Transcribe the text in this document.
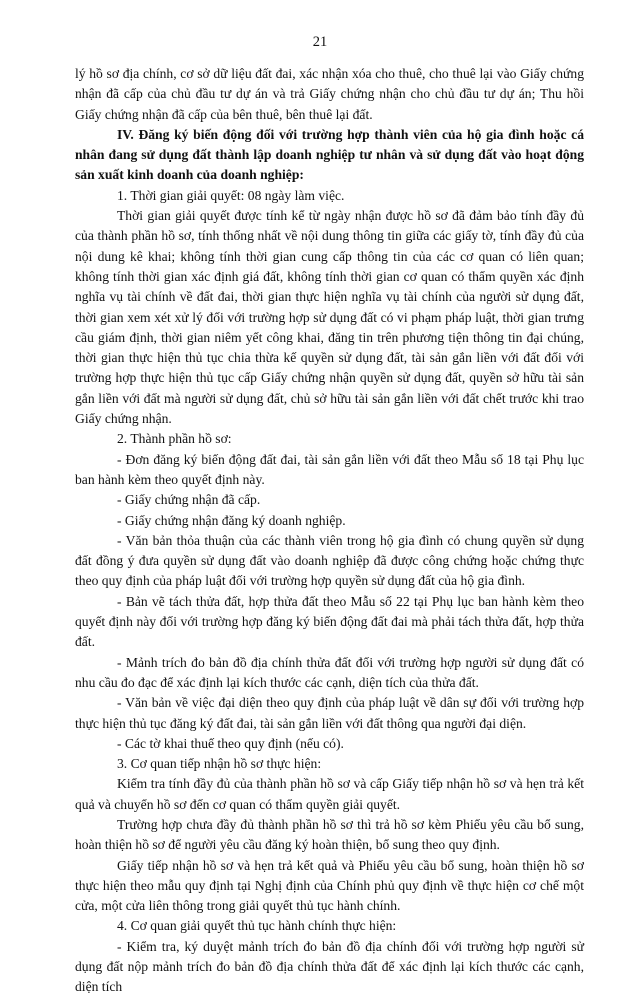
21

lý hồ sơ địa chính, cơ sở dữ liệu đất đai, xác nhận xóa cho thuê, cho thuê lại vào Giấy chứng nhận đã cấp của chủ đầu tư dự án và trả Giấy chứng nhận cho chủ đầu tư dự án; Thu hồi Giấy chứng nhận đã cấp của bên thuê, bên thuê lại đất.

IV. Đăng ký biến động đối với trường hợp thành viên của hộ gia đình hoặc cá nhân đang sử dụng đất thành lập doanh nghiệp tư nhân và sử dụng đất vào hoạt động sản xuất kinh doanh của doanh nghiệp:

1. Thời gian giải quyết: 08 ngày làm việc.

Thời gian giải quyết được tính kể từ ngày nhận được hồ sơ đã đảm bảo tính đầy đủ của thành phần hồ sơ, tính thống nhất về nội dung thông tin giữa các giấy tờ, tính đầy đủ của nội dung kê khai; không tính thời gian cung cấp thông tin của các cơ quan có liên quan; không tính thời gian xác định giá đất, không tính thời gian cơ quan có thẩm quyền xác định nghĩa vụ tài chính về đất đai, thời gian thực hiện nghĩa vụ tài chính của người sử dụng đất, thời gian xem xét xử lý đối với trường hợp sử dụng đất có vi phạm pháp luật, thời gian trưng cầu giám định, thời gian niêm yết công khai, đăng tin trên phương tiện thông tin đại chúng, thời gian thực hiện thủ tục chia thừa kế quyền sử dụng đất, tài sản gắn liền với đất đối với trường hợp thực hiện thủ tục cấp Giấy chứng nhận quyền sử dụng đất, quyền sở hữu tài sản gắn liền với đất mà người sử dụng đất, chủ sở hữu tài sản gắn liền với đất chết trước khi trao Giấy chứng nhận.

2. Thành phần hồ sơ:

- Đơn đăng ký biến động đất đai, tài sản gắn liền với đất theo Mẫu số 18 tại Phụ lục ban hành kèm theo quyết định này.

- Giấy chứng nhận đã cấp.

- Giấy chứng nhận đăng ký doanh nghiệp.

- Văn bản thỏa thuận của các thành viên trong hộ gia đình có chung quyền sử dụng đất đồng ý đưa quyền sử dụng đất vào doanh nghiệp đã được công chứng hoặc chứng thực theo quy định của pháp luật đối với trường hợp quyền sử dụng đất của hộ gia đình.

- Bản vẽ tách thửa đất, hợp thửa đất theo Mẫu số 22 tại Phụ lục ban hành kèm theo quyết định này đối với trường hợp đăng ký biến động đất đai mà phải tách thửa đất, hợp thửa đất.

- Mảnh trích đo bản đồ địa chính thửa đất đối với trường hợp người sử dụng đất có nhu cầu đo đạc để xác định lại kích thước các cạnh, diện tích của thửa đất.

- Văn bản về việc đại diện theo quy định của pháp luật về dân sự đối với trường hợp thực hiện thủ tục đăng ký đất đai, tài sản gắn liền với đất thông qua người đại diện.

- Các tờ khai thuế theo quy định (nếu có).

3. Cơ quan tiếp nhận hồ sơ thực hiện:

Kiểm tra tính đầy đủ của thành phần hồ sơ và cấp Giấy tiếp nhận hồ sơ và hẹn trả kết quả và chuyển hồ sơ đến cơ quan có thẩm quyền giải quyết.

Trường hợp chưa đầy đủ thành phần hồ sơ thì trả hồ sơ kèm Phiếu yêu cầu bổ sung, hoàn thiện hồ sơ để người yêu cầu đăng ký hoàn thiện, bổ sung theo quy định.

Giấy tiếp nhận hồ sơ và hẹn trả kết quả và Phiếu yêu cầu bổ sung, hoàn thiện hồ sơ thực hiện theo mẫu quy định tại Nghị định của Chính phủ quy định về thực hiện cơ chế một cửa, một cửa liên thông trong giải quyết thủ tục hành chính.

4. Cơ quan giải quyết thủ tục hành chính thực hiện:

- Kiểm tra, ký duyệt mảnh trích đo bản đồ địa chính đối với trường hợp người sử dụng đất nộp mảnh trích đo bản đồ địa chính thửa đất để xác định lại kích thước các cạnh, diện tích
